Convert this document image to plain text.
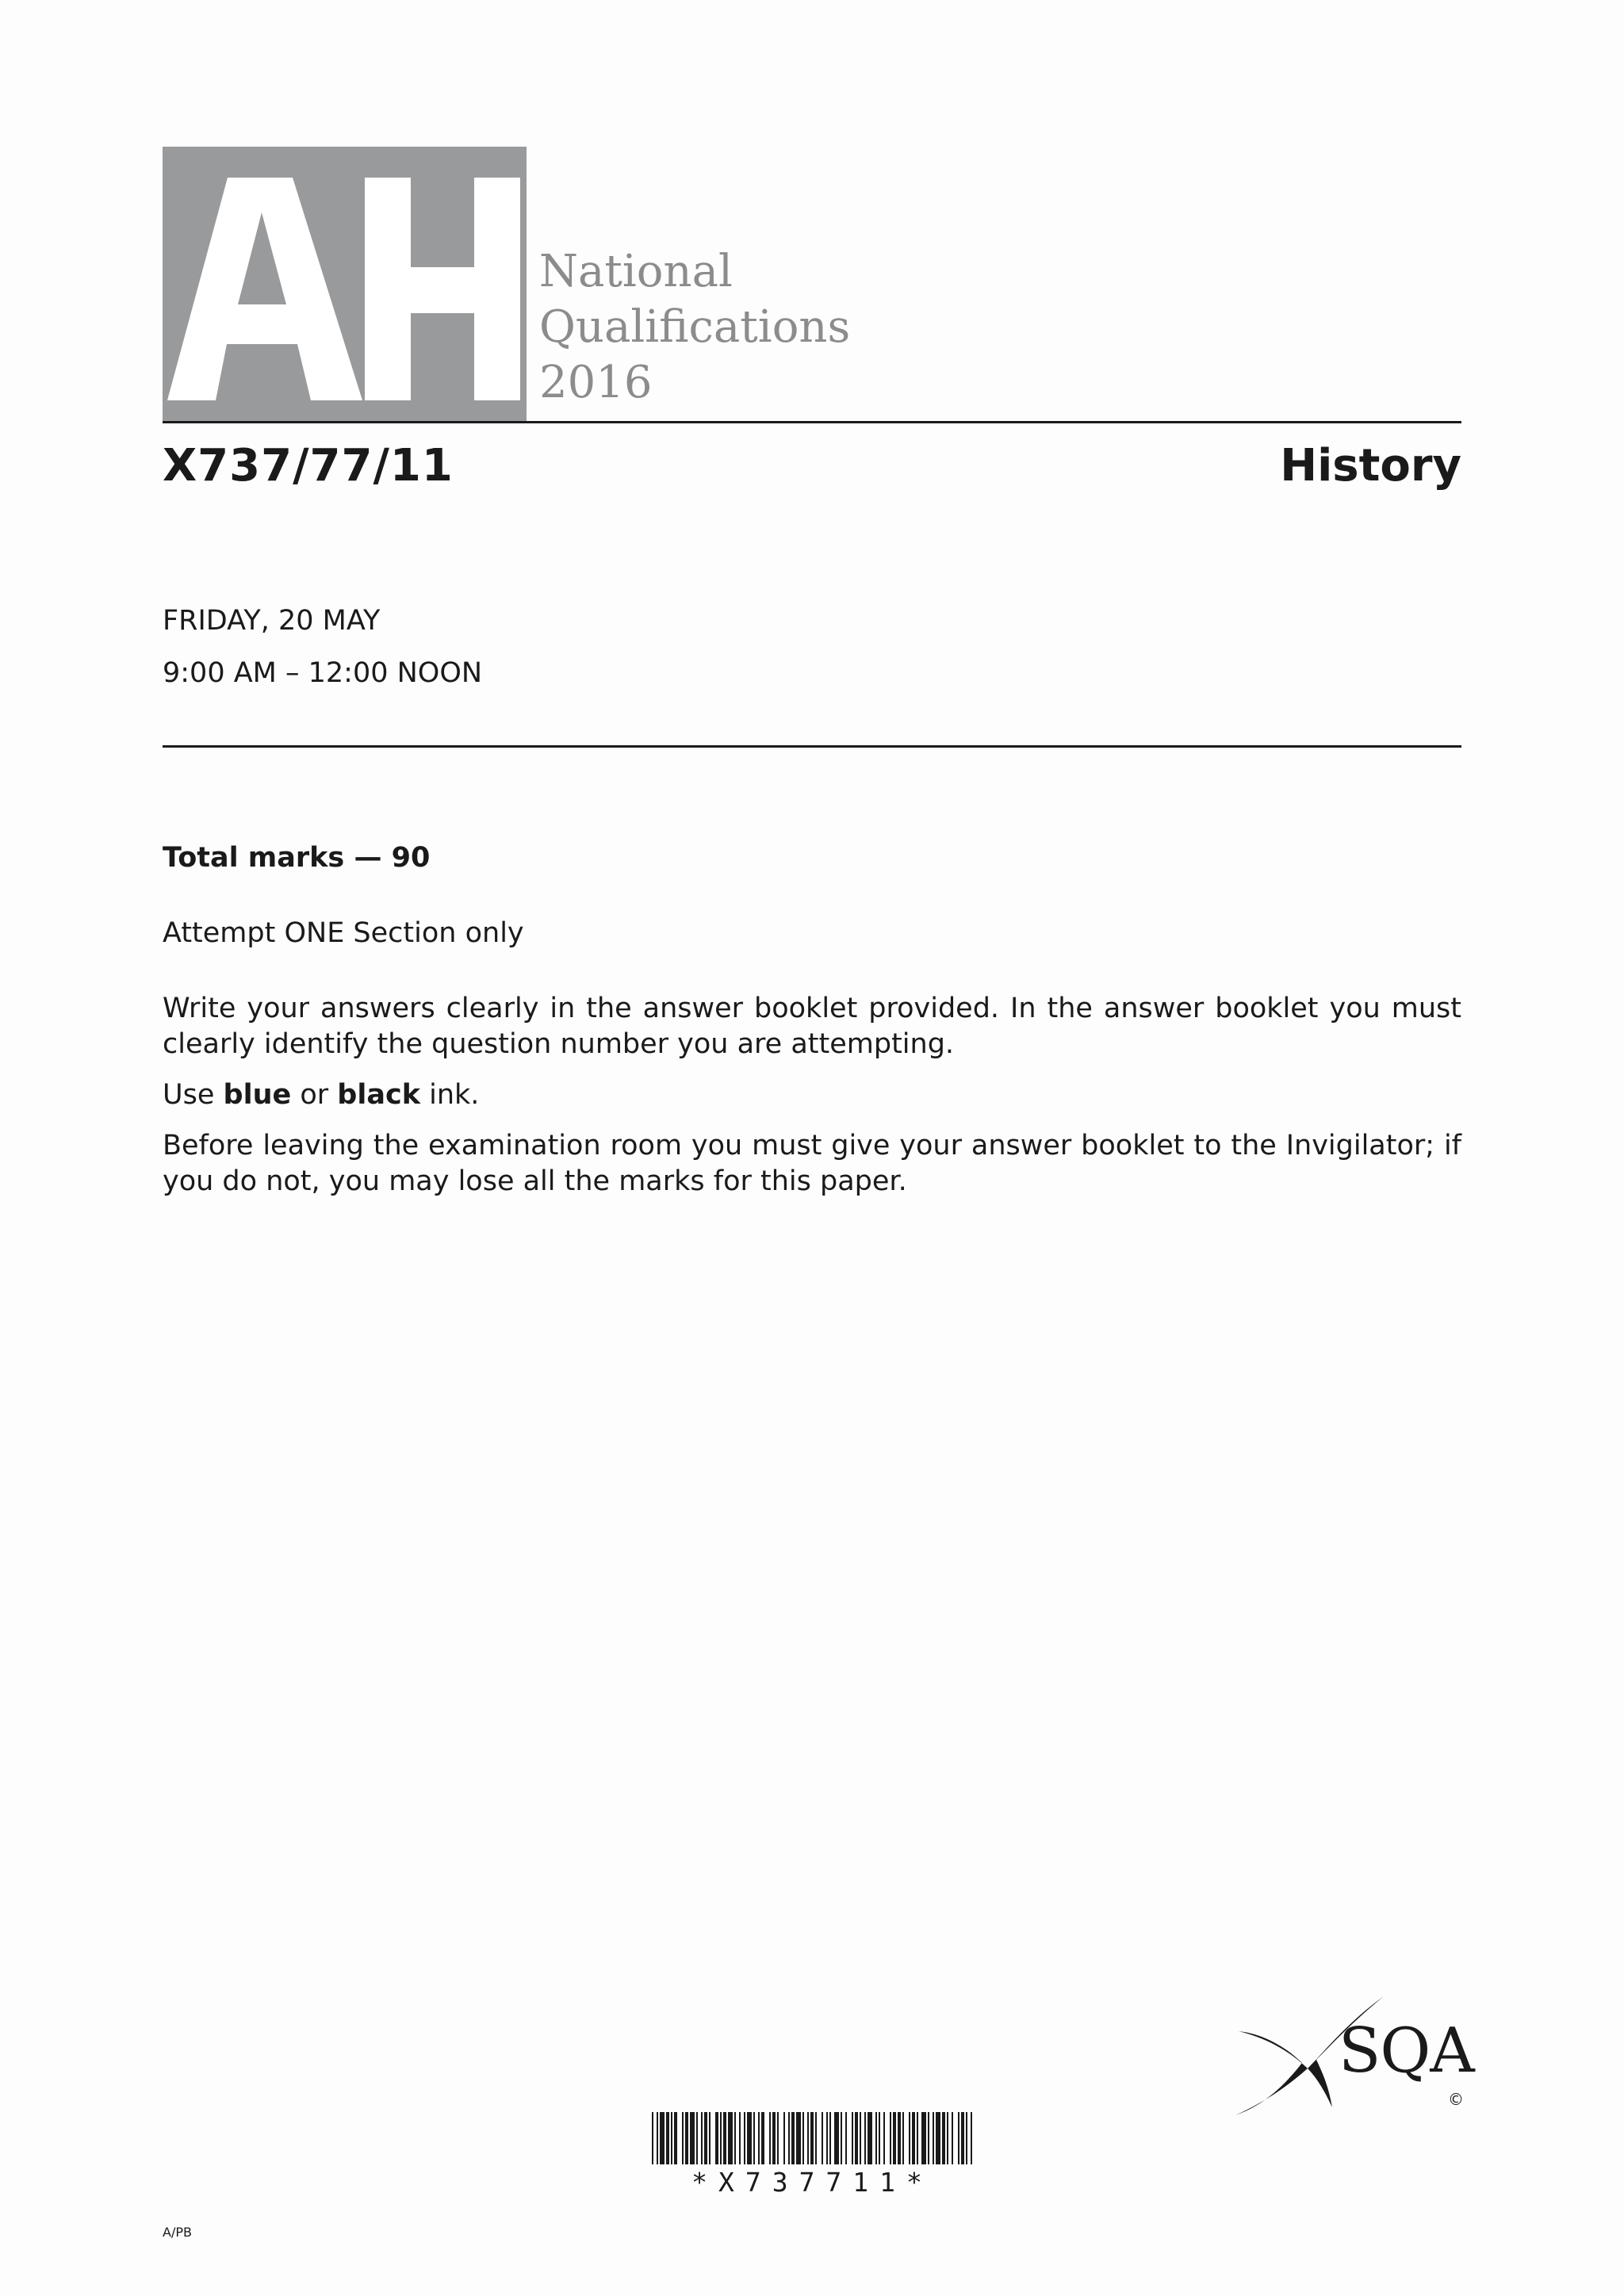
National
Qualifications
2016
X737/77/11	History
FRIDAY, 20 MAY
9:00 AM – 12:00 NOON

Total marks — 90

Attempt ONE Section only

Write your answers clearly in the answer booklet provided. In the answer booklet you must clearly identify the question number you are attempting.

Use blue or black ink.

Before leaving the examination room you must give your answer booklet to the Invigilator; if you do not, you may lose all the marks for this paper.

SQA
©
*X737711*
A/PB
